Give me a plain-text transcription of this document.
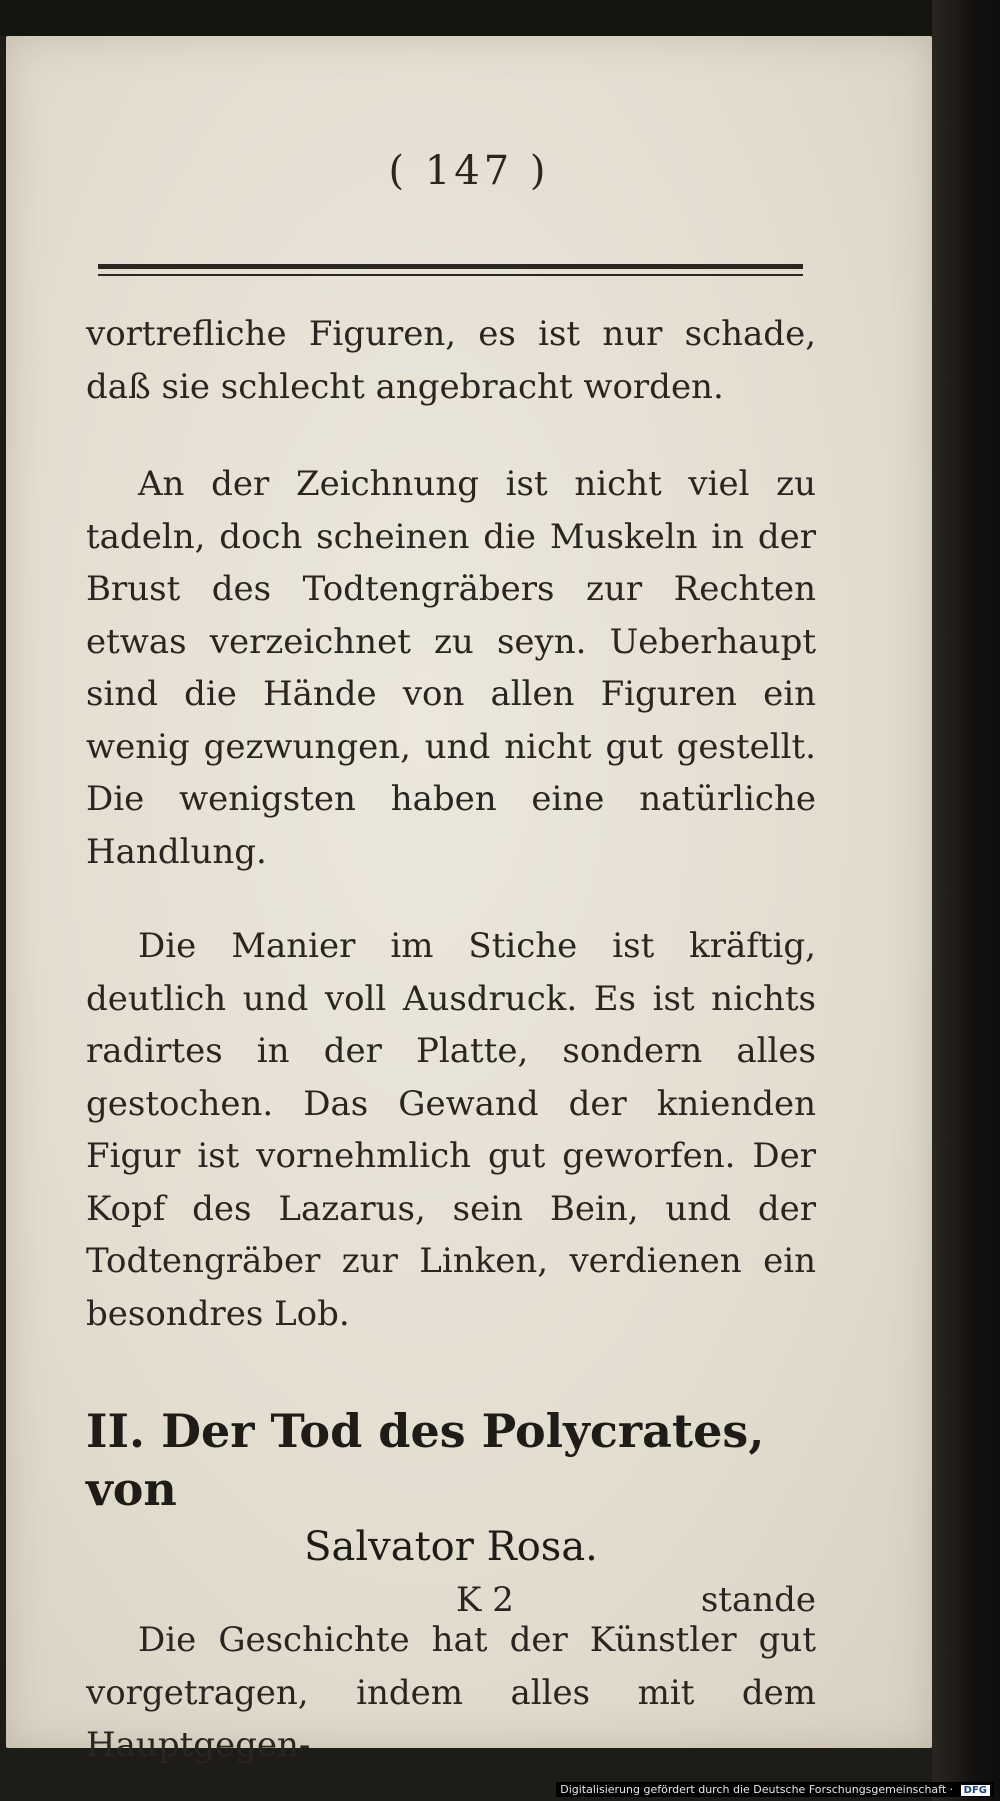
( 147 )

vortrefliche Figuren, es ist nur schade, daß sie schlecht angebracht worden.

An der Zeichnung ist nicht viel zu tadeln, doch scheinen die Muskeln in der Brust des Todtengräbers zur Rechten etwas verzeichnet zu seyn. Ueberhaupt sind die Hände von allen Figuren ein wenig gezwungen, und nicht gut gestellt. Die wenigsten haben eine natürliche Handlung.

Die Manier im Stiche ist kräftig, deutlich und voll Ausdruck. Es ist nichts radirtes in der Platte, sondern alles gestochen. Das Gewand der knienden Figur ist vornehmlich gut geworfen. Der Kopf des Lazarus, sein Bein, und der Todtengräber zur Linken, verdienen ein besondres Lob.

II. Der Tod des Polycrates, von
Salvator Rosa.

Die Geschichte hat der Künstler gut vorgetragen, indem alles mit dem Hauptgegen-

K 2	stande
Digitalisierung gefördert durch die Deutsche Forschungsgemeinschaft · DFG
